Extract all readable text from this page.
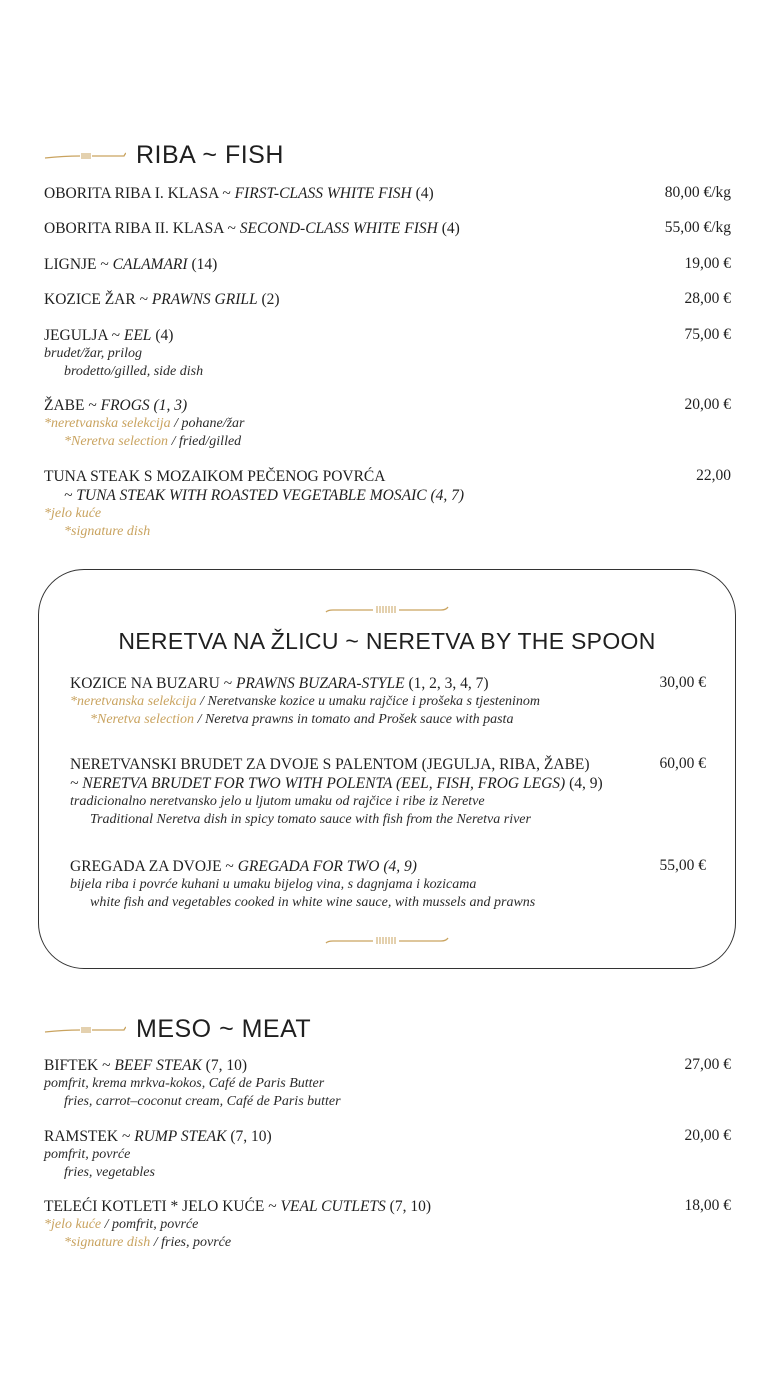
RIBA ~ FISH
OBORITA RIBA I. KLASA ~ FIRST-CLASS WHITE FISH (4)	80,00 €/kg
OBORITA RIBA II. KLASA ~ SECOND-CLASS WHITE FISH (4)	55,00 €/kg
LIGNJE ~ CALAMARI (14)	19,00 €
KOZICE ŽAR ~ PRAWNS GRILL (2)	28,00 €
JEGULJA ~ EEL (4)	75,00 €
brudet/žar, prilog
brodetto/gilled, side dish
ŽABE ~ FROGS (1, 3)	20,00 €
*neretvanska selekcija / pohane/žar
*Neretva selection / fried/gilled
TUNA STEAK S MOZAIKOM PEČENOG POVRĆA	22,00
~ TUNA STEAK WITH ROASTED VEGETABLE MOSAIC (4, 7)
*jelo kuće
*signature dish
NERETVA NA ŽLICU ~ NERETVA BY THE SPOON
KOZICE NA BUZARU ~ PRAWNS BUZARA-STYLE (1, 2, 3, 4, 7)	30,00 €
*neretvanska selekcija / Neretvanske kozice u umaku rajčice i prošeka s tjesteninom
*Neretva selection / Neretva prawns in tomato and Prošek sauce with pasta
NERETVANSKI BRUDET ZA DVOJE S PALENTOM (JEGULJA, RIBA, ŽABE)	60,00 €
~ NERETVA BRUDET FOR TWO WITH POLENTA (EEL, FISH, FROG LEGS) (4, 9)
tradicionalno neretvansko jelo u ljutom umaku od rajčice i ribe iz Neretve
Traditional Neretva dish in spicy tomato sauce with fish from the Neretva river
GREGADA ZA DVOJE ~ GREGADA FOR TWO (4, 9)	55,00 €
bijela riba i povrće kuhani u umaku bijelog vina, s dagnjama i kozicama
white fish and vegetables cooked in white wine sauce, with mussels and prawns
MESO ~ MEAT
BIFTEK ~ BEEF STEAK (7, 10)	27,00 €
pomfrit, krema mrkva-kokos, Café de Paris Butter
fries, carrot–coconut cream, Café de Paris butter
RAMSTEK ~ RUMP STEAK (7, 10)	20,00 €
pomfrit, povrće
fries, vegetables
TELEĆI KOTLETI * JELO KUĆE ~ VEAL CUTLETS (7, 10)	18,00 €
*jelo kuće / pomfrit, povrće
*signature dish / fries, povrće
